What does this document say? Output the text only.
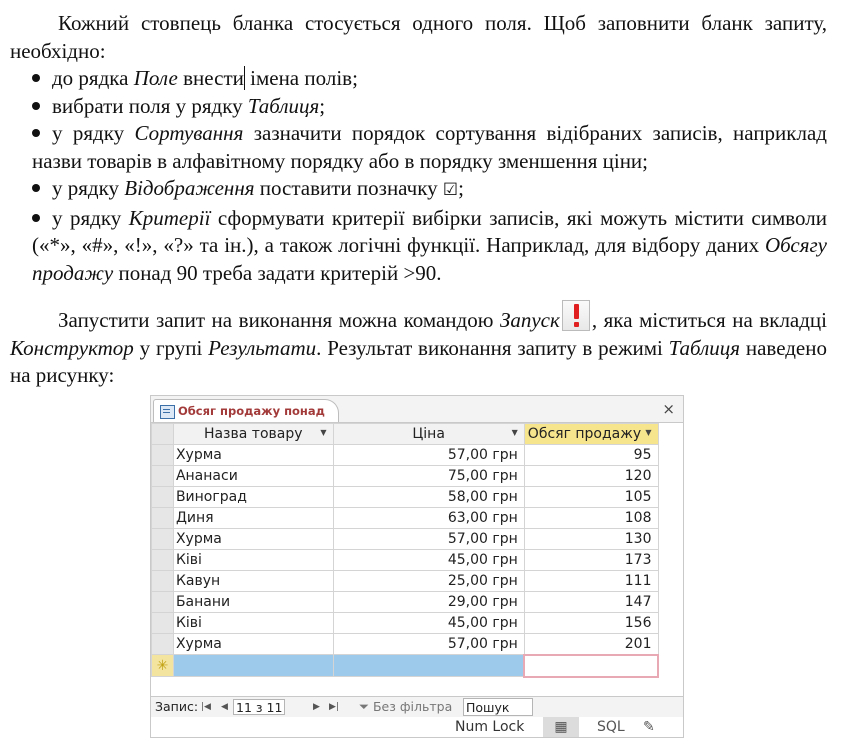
Кожний стовпець бланка стосується одного поля. Щоб заповнити бланк запиту, необхідно:

до рядка Поле внести імена полів;

вибрати поля у рядку Таблиця;

у рядку Сортування зазначити порядок сортування відібраних записів, наприклад назви товарів в алфавітному порядку або в порядку зменшення ціни;

у рядку Відображення поставити позначку ☑;

у рядку Критерії сформувати критерії вибірки записів, які можуть містити символи («*», «#», «!», «?» та ін.), а також логічні функції. Наприклад, для відбору даних Обсягу продажу понад 90 треба задати критерій >90.

Запустити запит на виконання можна командою Запуск , яка міститься на вкладці Конструктор у групі Результати. Результат виконання запиту в режимі Таблиця наведено на рисунку:

Обсяг продажу понад	×
	Назва товару ▼	Ціна ▼	Обсяг продажу ▼

	Хурма	57,00 грн	95
	Ананаси	75,00 грн	120
	Виноград	58,00 грн	105
	Диня	63,00 грн	108
	Хурма	57,00 грн	130
	Ківі	45,00 грн	173
	Кавун	25,00 грн	111
	Банани	29,00 грн	147
	Ківі	45,00 грн	156
	Хурма	57,00 грн	201
✳			
Запис: |◀ ◀ 11 з 11	▶ ▶| ⏷ Без фільтра Пошук
Num Lock	▦	SQL ✎
